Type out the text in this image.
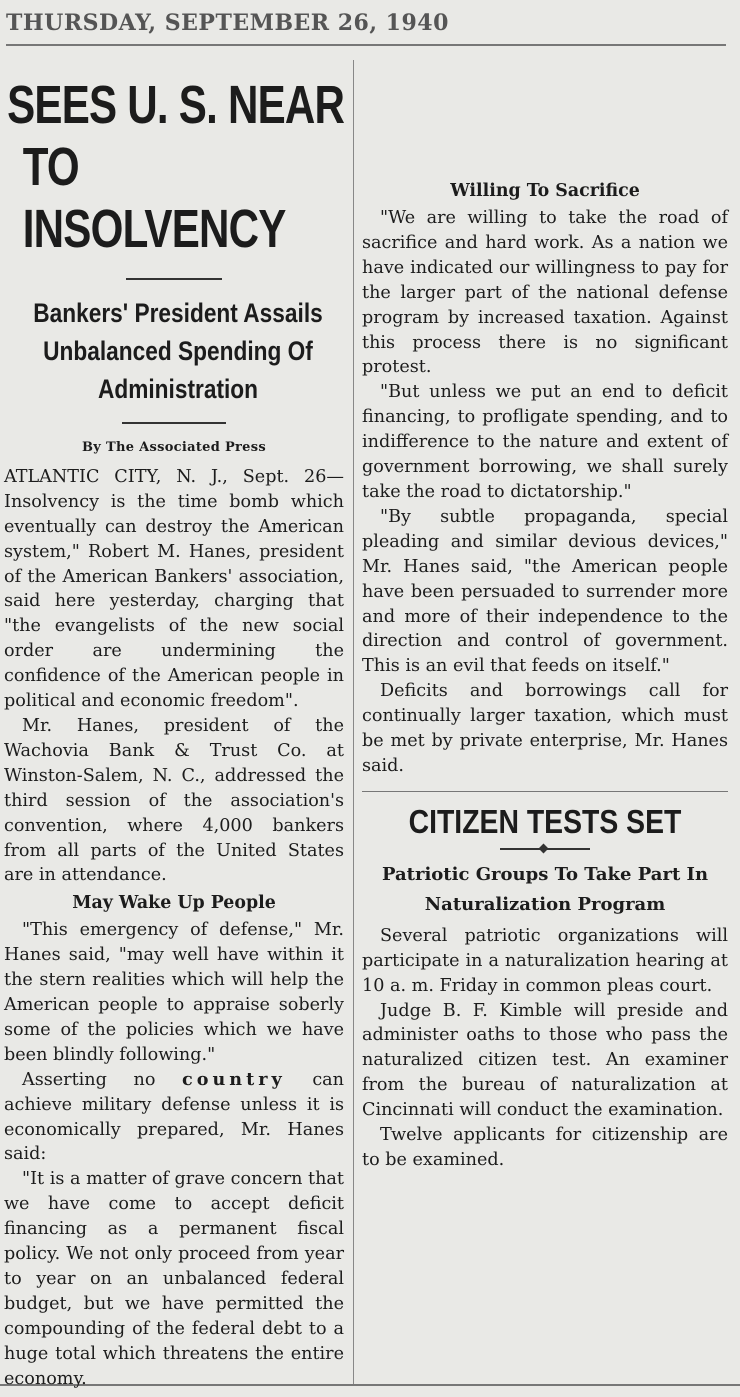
THURSDAY, SEPTEMBER 26, 1940
SEES U. S. NEAR
TO INSOLVENCY
Bankers' President Assails Unbalanced Spending Of Administration
By The Associated Press

ATLANTIC CITY, N. J., Sept. 26—Insolvency is the time bomb which eventually can destroy the American system," Robert M. Hanes, president of the American Bankers' association, said here yesterday, charging that "the evangelists of the new social order are undermining the confidence of the American people in political and economic freedom".

Mr. Hanes, president of the Wachovia Bank & Trust Co. at Winston-Salem, N. C., addressed the third session of the association's convention, where 4,000 bankers from all parts of the United States are in attendance.

May Wake Up People

"This emergency of defense," Mr. Hanes said, "may well have within it the stern realities which will help the American people to appraise soberly some of the policies which we have been blindly following."

Asserting no country can achieve military defense unless it is economically prepared, Mr. Hanes said:

"It is a matter of grave concern that we have come to accept deficit financing as a permanent fiscal policy. We not only proceed from year to year on an unbalanced federal budget, but we have permitted the compounding of the federal debt to a huge total which threatens the entire economy.

Willing To Sacrifice

"We are willing to take the road of sacrifice and hard work. As a nation we have indicated our willingness to pay for the larger part of the national defense program by increased taxation. Against this process there is no significant protest.

"But unless we put an end to deficit financing, to profligate spending, and to indifference to the nature and extent of government borrowing, we shall surely take the road to dictatorship."

"By subtle propaganda, special pleading and similar devious devices," Mr. Hanes said, "the American people have been persuaded to surrender more and more of their independence to the direction and control of government. This is an evil that feeds on itself."

Deficits and borrowings call for continually larger taxation, which must be met by private enterprise, Mr. Hanes said.

CITIZEN TESTS SET
Patriotic Groups To Take Part In Naturalization Program

Several patriotic organizations will participate in a naturalization hearing at 10 a. m. Friday in common pleas court.

Judge B. F. Kimble will preside and administer oaths to those who pass the naturalized citizen test. An examiner from the bureau of naturalization at Cincinnati will conduct the examination.

Twelve applicants for citizenship are to be examined.
